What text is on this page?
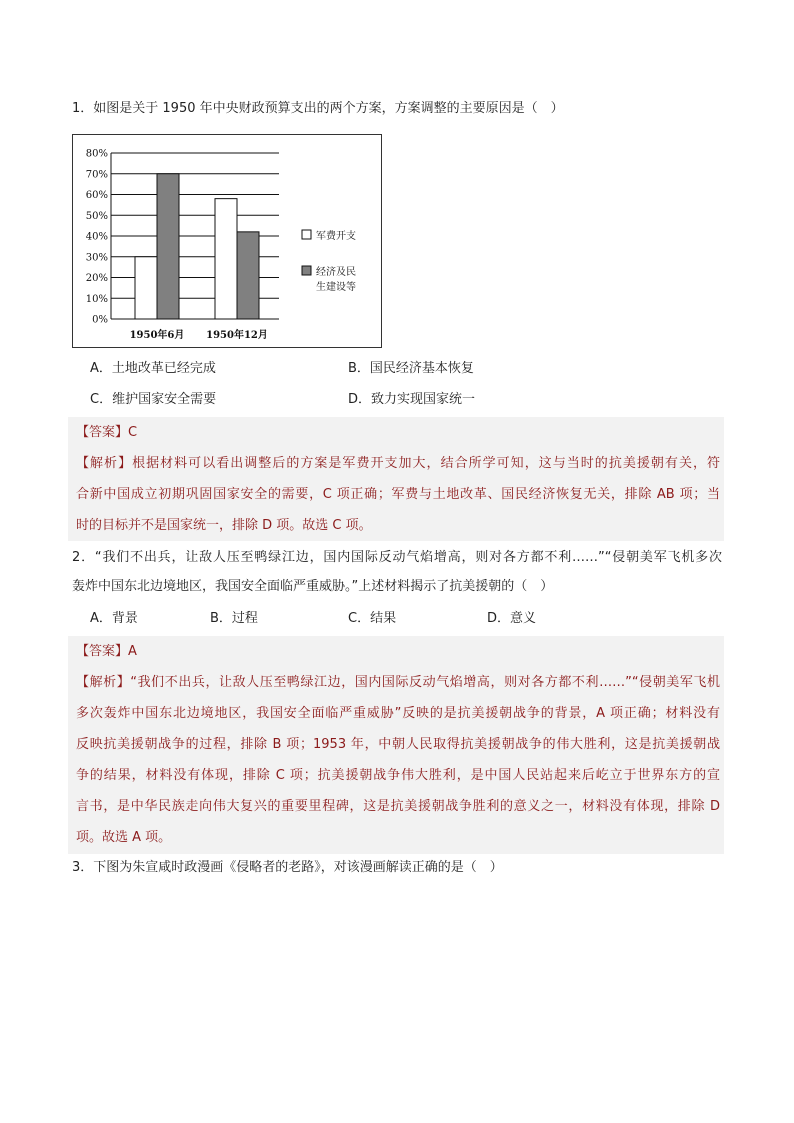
1．如图是关于 1950 年中央财政预算支出的两个方案，方案调整的主要原因是（　）
80%
70%
60%
50%
40%
30%
20%
10%
0%
1950年6月 1950年12月
军费开支
经济及民
生建设等
A．土地改革已经完成	B．国民经济基本恢复
C．维护国家安全需要	D．致力实现国家统一
【答案】C
【解析】根据材料可以看出调整后的方案是军费开支加大，结合所学可知，这与当时的抗美援朝有关，符
合新中国成立初期巩固国家安全的需要，C 项正确；军费与土地改革、国民经济恢复无关，排除 AB 项；当
时的目标并不是国家统一，排除 D 项。故选 C 项。
2．“我们不出兵，让敌人压至鸭绿江边，国内国际反动气焰增高，则对各方都不利……”“侵朝美军飞机多次
轰炸中国东北边境地区，我国安全面临严重威胁。”上述材料揭示了抗美援朝的（　）
A．背景	B．过程	C．结果	D．意义
【答案】A
【解析】“我们不出兵，让敌人压至鸭绿江边，国内国际反动气焰增高，则对各方都不利……”“侵朝美军飞机
多次轰炸中国东北边境地区，我国安全面临严重威胁”反映的是抗美援朝战争的背景，A 项正确；材料没有
反映抗美援朝战争的过程，排除 B 项；1953 年，中朝人民取得抗美援朝战争的伟大胜利，这是抗美援朝战
争的结果，材料没有体现，排除 C 项；抗美援朝战争伟大胜利，是中国人民站起来后屹立于世界东方的宣
言书，是中华民族走向伟大复兴的重要里程碑，这是抗美援朝战争胜利的意义之一，材料没有体现，排除 D
项。故选 A 项。
3．下图为朱宣咸时政漫画《侵略者的老路》，对该漫画解读正确的是（　）
